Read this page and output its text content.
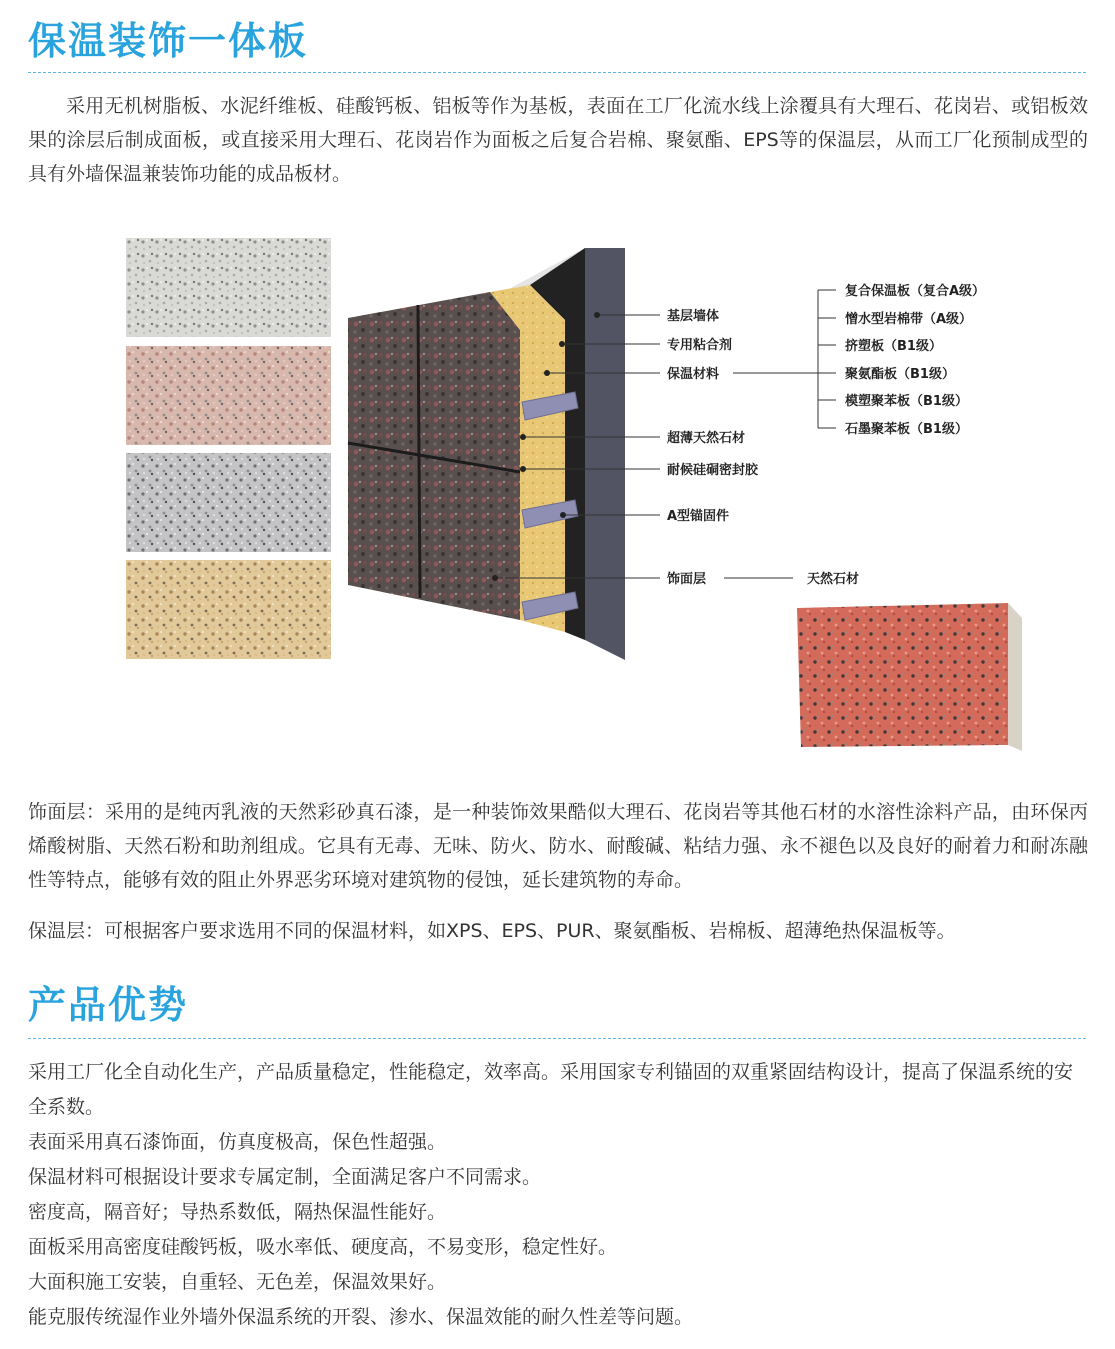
保温装饰一体板

采用无机树脂板、水泥纤维板、硅酸钙板、铝板等作为基板，表面在工厂化流水线上涂覆具有大理石、花岗岩、或铝板效果的涂层后制成面板，或直接采用大理石、花岗岩作为面板之后复合岩棉、聚氨酯、EPS等的保温层，从而工厂化预制成型的具有外墙保温兼装饰功能的成品板材。

基层墙体
专用粘合剂
保温材料
超薄天然石材
耐候硅硐密封胶
A型锚固件
饰面层
复合保温板（复合A级）
憎水型岩棉带（A级）
挤塑板（B1级）
聚氨酯板（B1级）
模塑聚苯板（B1级）
石墨聚苯板（B1级）
天然石材

饰面层：采用的是纯丙乳液的天然彩砂真石漆，是一种装饰效果酷似大理石、花岗岩等其他石材的水溶性涂料产品，由环保丙烯酸树脂、天然石粉和助剂组成。它具有无毒、无味、防火、防水、耐酸碱、粘结力强、永不褪色以及良好的耐着力和耐冻融性等特点，能够有效的阻止外界恶劣环境对建筑物的侵蚀，延长建筑物的寿命。

保温层：可根据客户要求选用不同的保温材料，如XPS、EPS、PUR、聚氨酯板、岩棉板、超薄绝热保温板等。

产品优势
采用工厂化全自动化生产，产品质量稳定，性能稳定，效率高。采用国家专利锚固的双重紧固结构设计，提高了保温系统的安全系数。
表面采用真石漆饰面，仿真度极高，保色性超强。
保温材料可根据设计要求专属定制，全面满足客户不同需求。
密度高，隔音好；导热系数低，隔热保温性能好。
面板采用高密度硅酸钙板，吸水率低、硬度高，不易变形，稳定性好。
大面积施工安装，自重轻、无色差，保温效果好。
能克服传统湿作业外墙外保温系统的开裂、渗水、保温效能的耐久性差等问题。
